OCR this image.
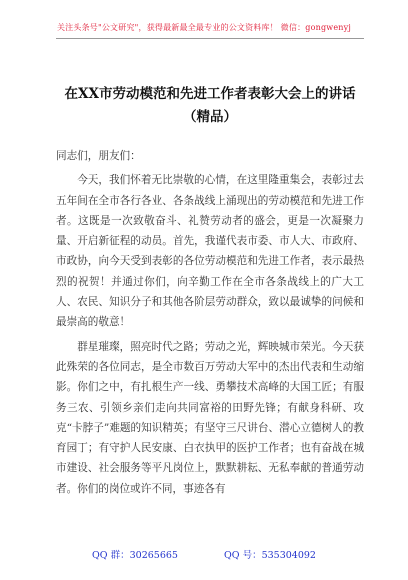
关注头条号"公文研究"，获得最新最全最专业的公文资料库！ 微信：gongwenyj
在XX市劳动模范和先进工作者表彰大会上的讲话（精品）

同志们，朋友们：

今天，我们怀着无比崇敬的心情，在这里隆重集会，表彰过去五年间在全市各行各业、各条战线上涌现出的劳动模范和先进工作者。这既是一次致敬奋斗、礼赞劳动者的盛会，更是一次凝聚力量、开启新征程的动员。首先，我谨代表市委、市人大、市政府、市政协，向今天受到表彰的各位劳动模范和先进工作者，表示最热烈的祝贺！并通过你们，向辛勤工作在全市各条战线上的广大工人、农民、知识分子和其他各阶层劳动群众，致以最诚挚的问候和最崇高的敬意！

群星璀璨，照亮时代之路；劳动之光，辉映城市荣光。今天获此殊荣的各位同志，是全市数百万劳动大军中的杰出代表和生动缩影。你们之中，有扎根生产一线、勇攀技术高峰的大国工匠；有服务三农、引领乡亲们走向共同富裕的田野先锋；有献身科研、攻克“卡脖子”难题的知识精英；有坚守三尺讲台、潜心立德树人的教育园丁；有守护人民安康、白衣执甲的医护工作者；也有奋战在城市建设、社会服务等平凡岗位上，默默耕耘、无私奉献的普通劳动者。你们的岗位或许不同，事迹各有

QQ 群：30265665	QQ 号：535304092
